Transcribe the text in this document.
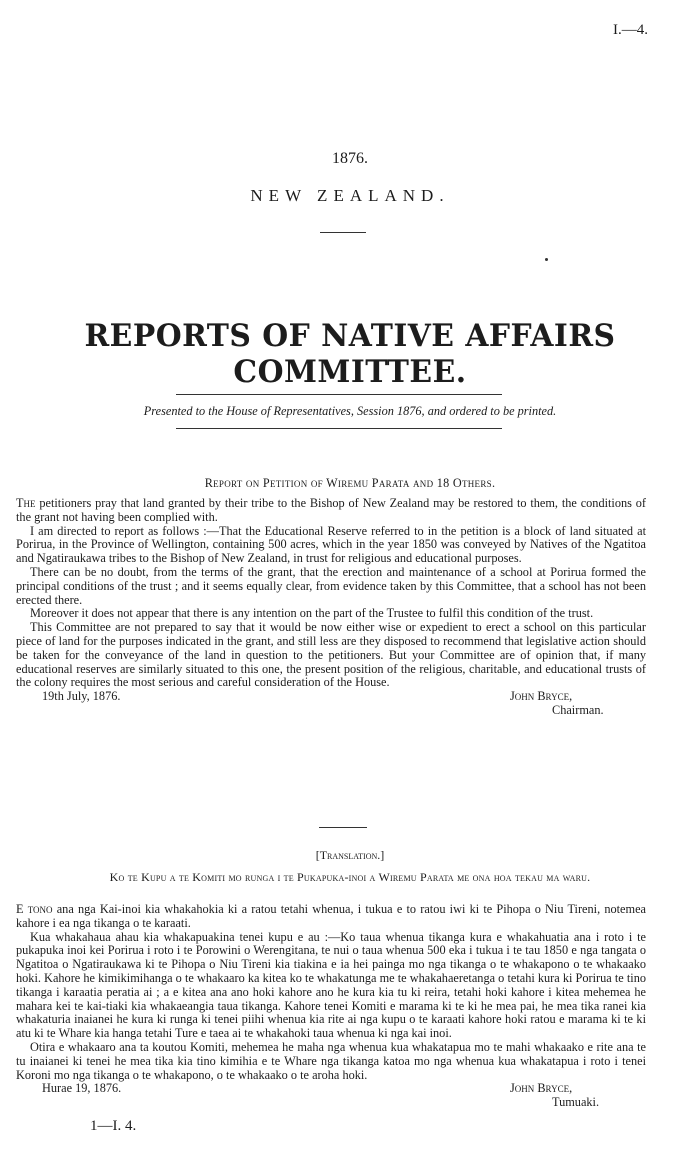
I.—4.
1876.
NEW ZEALAND.
REPORTS OF NATIVE AFFAIRS COMMITTEE.
Presented to the House of Representatives, Session 1876, and ordered to be printed.
Report on Petition of Wiremu Parata and 18 Others.

The petitioners pray that land granted by their tribe to the Bishop of New Zealand may be restored to them, the conditions of the grant not having been complied with.

I am directed to report as follows :—That the Educational Reserve referred to in the petition is a block of land situated at Porirua, in the Province of Wellington, containing 500 acres, which in the year 1850 was conveyed by Natives of the Ngatitoa and Ngatiraukawa tribes to the Bishop of New Zealand, in trust for religious and educational purposes.

There can be no doubt, from the terms of the grant, that the erection and maintenance of a school at Porirua formed the principal conditions of the trust ; and it seems equally clear, from evidence taken by this Committee, that a school has not been erected there.

Moreover it does not appear that there is any intention on the part of the Trustee to fulfil this condition of the trust.

This Committee are not prepared to say that it would be now either wise or expedient to erect a school on this particular piece of land for the purposes indicated in the grant, and still less are they disposed to recommend that legislative action should be taken for the conveyance of the land in question to the petitioners. But your Committee are of opinion that, if many educational reserves are similarly situated to this one, the present position of the religious, charitable, and educational trusts of the colony requires the most serious and careful consideration of the House.

19th July, 1876.	John Bryce,
Chairman.
[Translation.]
Ko te Kupu a te Komiti mo runga i te Pukapuka-inoi a Wiremu Parata me ona hoa tekau ma waru.

E tono ana nga Kai-inoi kia whakahokia ki a ratou tetahi whenua, i tukua e to ratou iwi ki te Pihopa o Niu Tireni, notemea kahore i ea nga tikanga o te karaati.

Kua whakahaua ahau kia whakapuakina tenei kupu e au :—Ko taua whenua tikanga kura e whakahuatia ana i roto i te pukapuka inoi kei Porirua i roto i te Porowini o Werengitana, te nui o taua whenua 500 eka i tukua i te tau 1850 e nga tangata o Ngatitoa o Ngatiraukawa ki te Pihopa o Niu Tireni kia tiakina e ia hei painga mo nga tikanga o te whakapono o te whakaako hoki. Kahore he kimikimihanga o te whakaaro ka kitea ko te whakatunga me te whakahaeretanga o tetahi kura ki Porirua te tino tikanga i karaatia peratia ai ; a e kitea ana ano hoki kahore ano he kura kia tu ki reira, tetahi hoki kahore i kitea mehemea he mahara kei te kai-tiaki kia whakaeangia taua tikanga. Kahore tenei Komiti e marama ki te ki he mea pai, he mea tika ranei kia whakaturia inaianei he kura ki runga ki tenei piihi whenua kia rite ai nga kupu o te karaati kahore hoki ratou e marama ki te ki atu ki te Whare kia hanga tetahi Ture e taea ai te whakahoki taua whenua ki nga kai inoi.

Otira e whakaaro ana ta koutou Komiti, mehemea he maha nga whenua kua whakatapua mo te mahi whakaako e rite ana te tu inaianei ki tenei he mea tika kia tino kimihia e te Whare nga tikanga katoa mo nga whenua kua whakatapua i roto i tenei Koroni mo nga tikanga o te whakapono, o te whakaako o te aroha hoki.

Hurae 19, 1876.	John Bryce,
Tumuaki.
1—I. 4.
